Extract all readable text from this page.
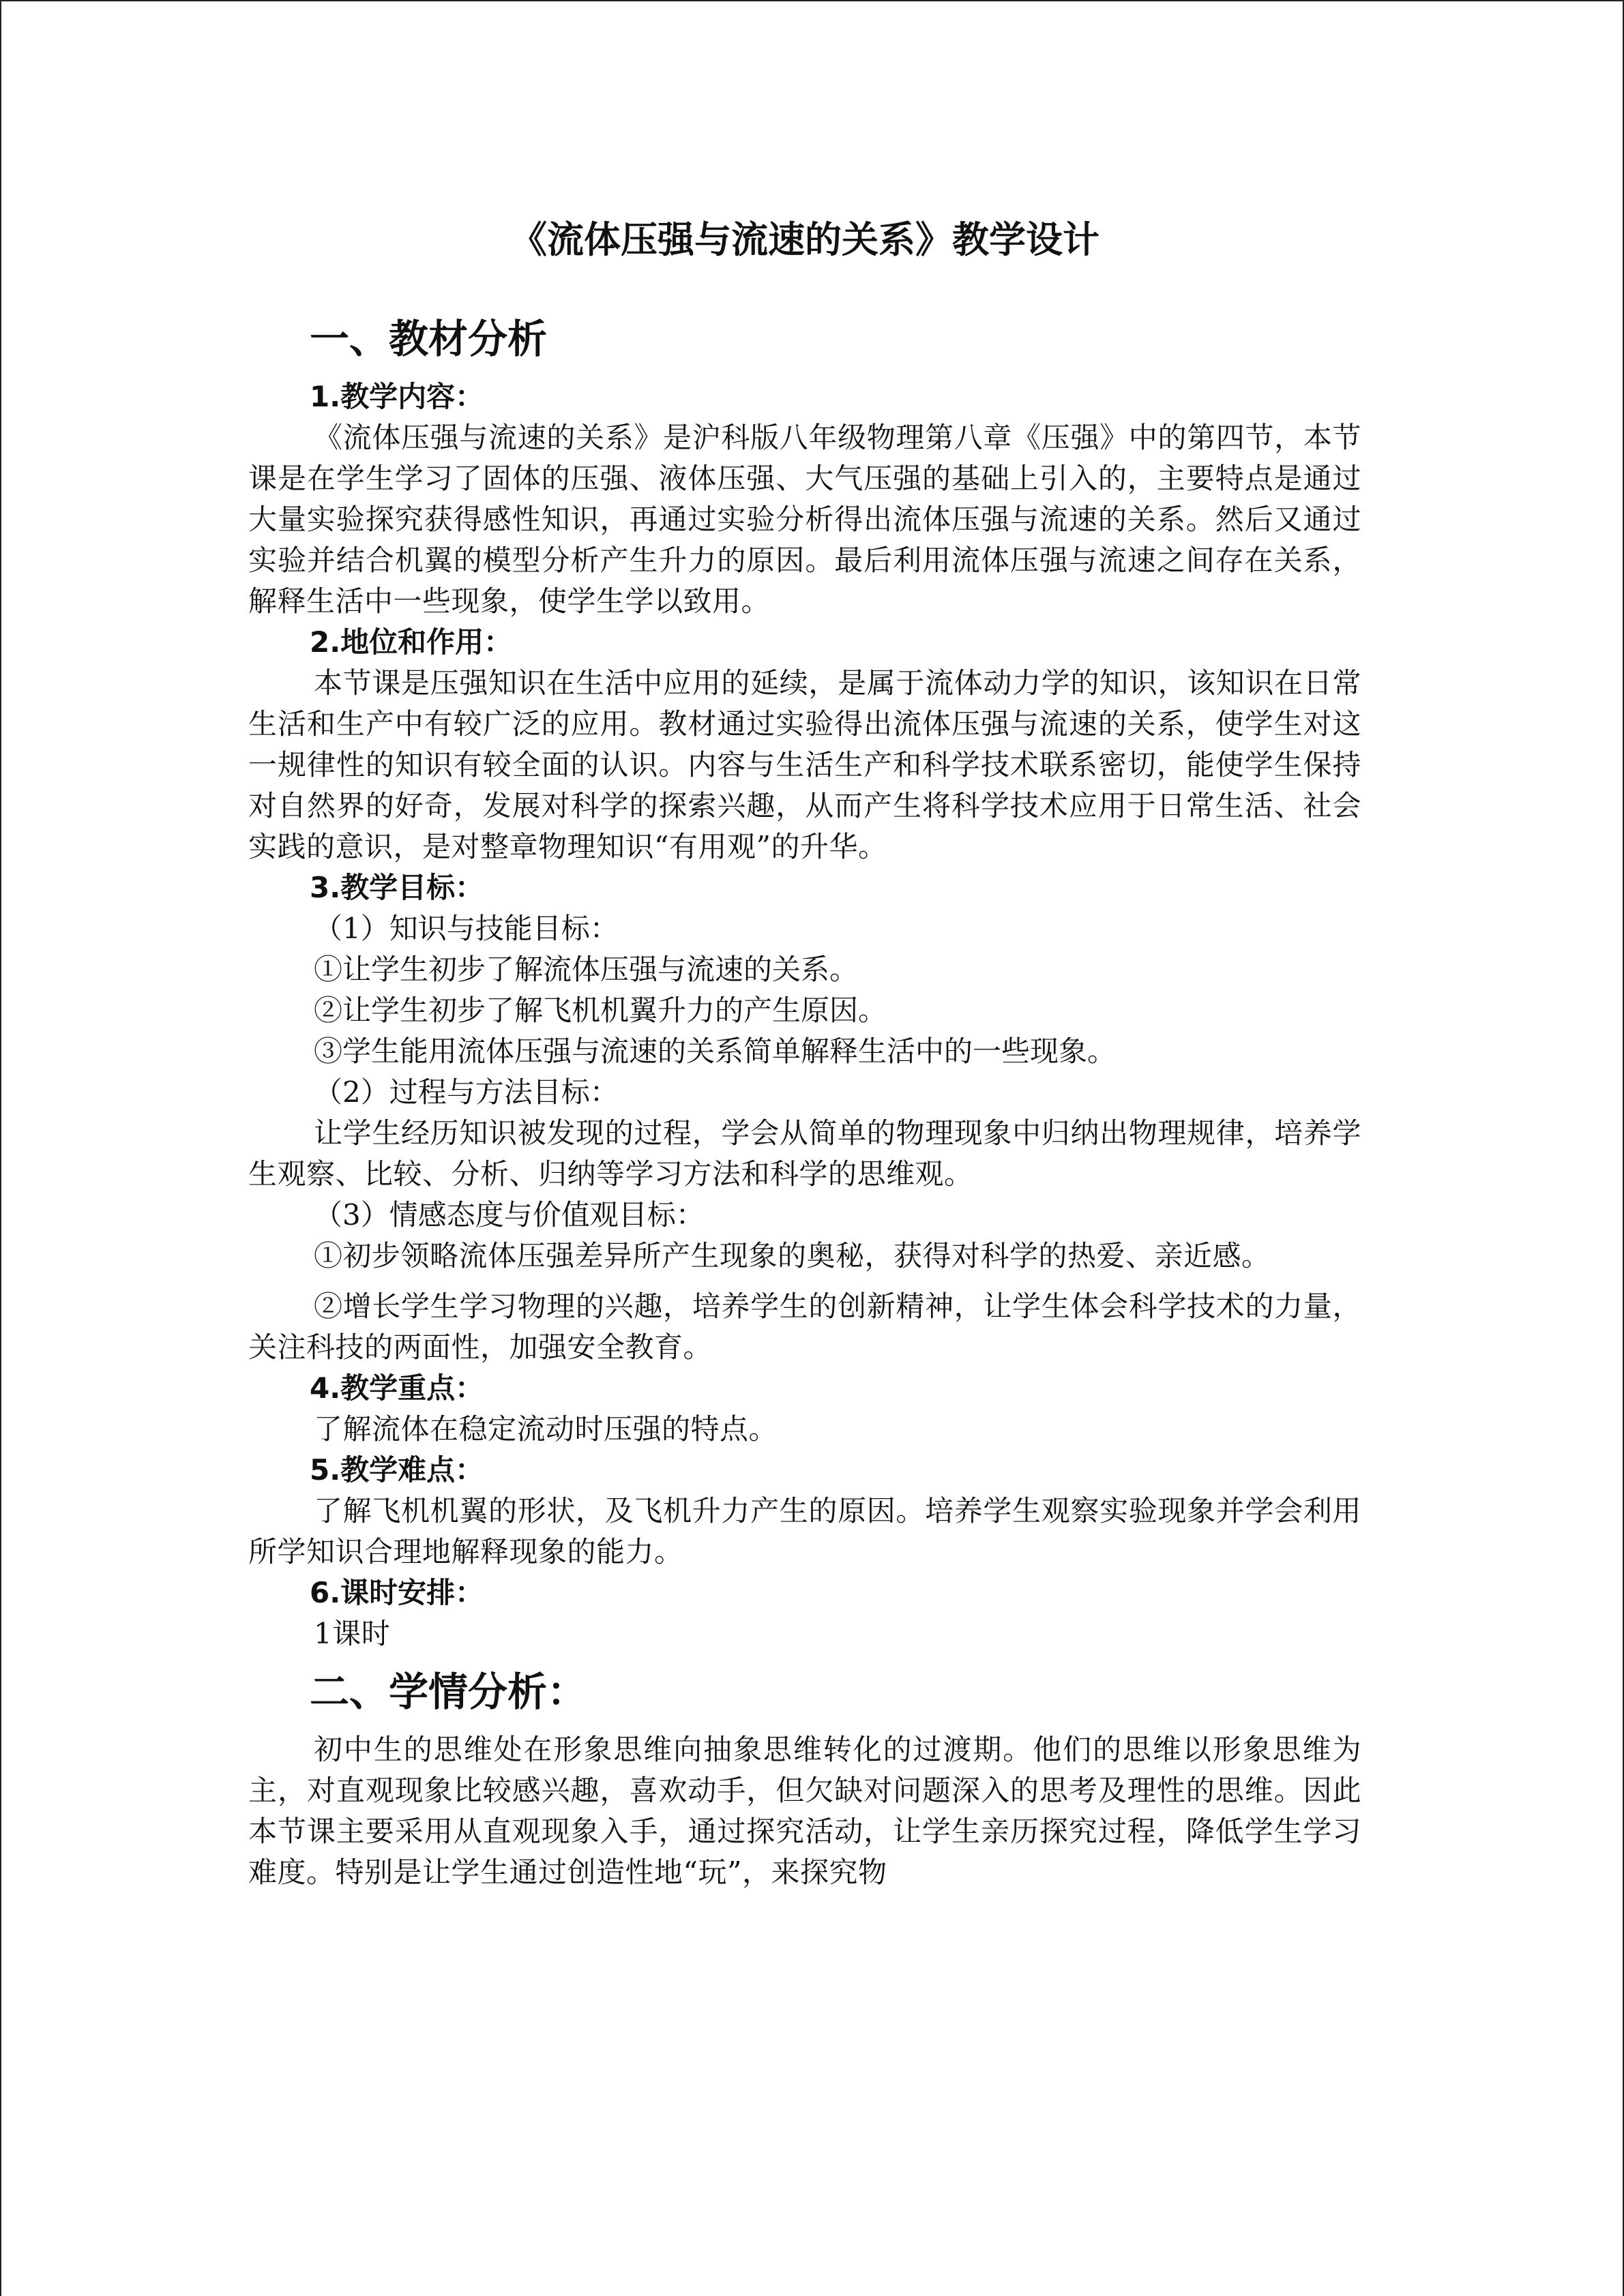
《流体压强与流速的关系》教学设计
一、教材分析
1.教学内容：

《流体压强与流速的关系》是沪科版八年级物理第八章《压强》中的第四节，本节课是在学生学习了固体的压强、液体压强、大气压强的基础上引入的，主要特点是通过大量实验探究获得感性知识，再通过实验分析得出流体压强与流速的关系。然后又通过实验并结合机翼的模型分析产生升力的原因。最后利用流体压强与流速之间存在关系，解释生活中一些现象，使学生学以致用。

2.地位和作用：

本节课是压强知识在生活中应用的延续，是属于流体动力学的知识，该知识在日常生活和生产中有较广泛的应用。教材通过实验得出流体压强与流速的关系，使学生对这一规律性的知识有较全面的认识。内容与生活生产和科学技术联系密切，能使学生保持对自然界的好奇，发展对科学的探索兴趣，从而产生将科学技术应用于日常生活、社会实践的意识，是对整章物理知识“有用观”的升华。

3.教学目标：

（1）知识与技能目标：

①让学生初步了解流体压强与流速的关系。

②让学生初步了解飞机机翼升力的产生原因。

③学生能用流体压强与流速的关系简单解释生活中的一些现象。

（2）过程与方法目标：

让学生经历知识被发现的过程，学会从简单的物理现象中归纳出物理规律，培养学生观察、比较、分析、归纳等学习方法和科学的思维观。

（3）情感态度与价值观目标：

①初步领略流体压强差异所产生现象的奥秘，获得对科学的热爱、亲近感。

②增长学生学习物理的兴趣，培养学生的创新精神，让学生体会科学技术的力量，关注科技的两面性，加强安全教育。

4.教学重点：

了解流体在稳定流动时压强的特点。

5.教学难点：

了解飞机机翼的形状，及飞机升力产生的原因。培养学生观察实验现象并学会利用所学知识合理地解释现象的能力。

6.课时安排：

1课时

二、学情分析：

初中生的思维处在形象思维向抽象思维转化的过渡期。他们的思维以形象思维为主，对直观现象比较感兴趣，喜欢动手，但欠缺对问题深入的思考及理性的思维。因此本节课主要采用从直观现象入手，通过探究活动，让学生亲历探究过程，降低学生学习难度。特别是让学生通过创造性地“玩”，来探究物
